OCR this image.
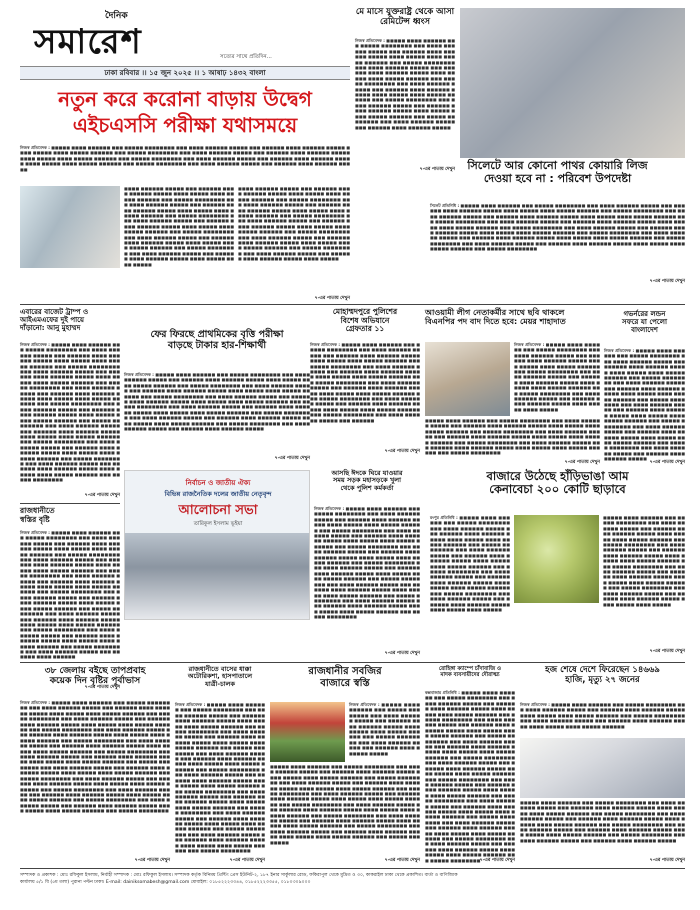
দৈনিক
সমারেশ	সত্যের সাথে প্রতিদিন...
ঢাকা রবিবার ।। ১৫ জুন ২০২৫ ।। ১ আষাঢ় ১৪৩২ বাংলা
নতুন করে করোনা বাড়ায় উদ্বেগ
এইচএসসি পরীক্ষা যথাসময়ে
নিজস্ব প্রতিবেদক : ■■■■■ ■■■■ ■■■■■■ ■■■ ■■■■■ ■■■■■■■■ ■■■ ■■■■ ■■■■■■ ■■■■■ ■■■ ■■■■■■ ■■■■ ■■■■■■ ■■■■■ ■■■■ ■■■■■ ■■■■ ■■■■■ ■■■■■■ ■■■ ■■■■■ ■■■■■■■■ ■■■ ■■■■ ■■■■■■ ■■■■■ ■■■ ■■■■■■ ■■■■ ■■■■■■ ■■■■■ ■■■■ ■■■■■ ■■■■ ■■■■■ ■■■■■■ ■■■ ■■■■■ ■■■■■■■■ ■■■ ■■■■ ■■■■■■ ■■■■■ ■■■ ■■■■■■ ■■■■ ■■■■■■ ■■■■■ ■■■■ ■■■■■ ■■■■ ■■■■■ ■■■■■■ ■■■ ■■■■■ ■■■■■■■■ ■■■ ■■■■ ■■■■■■ ■■■■■ ■■■ ■■■■■■ ■■■■ ■■■■■■ ■■■■■
■■■■ ■■■■■■ ■■■■■ ■■■ ■■■■■■ ■■■■ ■■■■■■ ■■■■■ ■■■■ ■■■■■ ■■■■ ■■■■■ ■■■■■■ ■■■ ■■■■■ ■■■■■■■■ ■■■ ■■■■ ■■■■■■ ■■■■■ ■■■ ■■■■■■ ■■■■ ■■■■■■ ■■■■■ ■■■■ ■■■■■ ■■■■ ■■■■■ ■■■■■■ ■■■ ■■■■■ ■■■■■■■■ ■■■ ■■■■ ■■■■■■ ■■■■■ ■■■ ■■■■■■ ■■■■ ■■■■■■ ■■■■■ ■■■■ ■■■■■ ■■■■ ■■■■■ ■■■■■■ ■■■ ■■■■■ ■■■■■■■■ ■■■ ■■■■ ■■■■■■ ■■■■■ ■■■ ■■■■■■ ■■■■ ■■■■■■ ■■■■■ ■■■■ ■■■■■ ■■■■ ■■■■■ ■■■■■■ ■■■ ■■■■■ ■■■■■■■■ ■■■ ■■■■ ■■■■■■ ■■■■■ ■■■ ■■■■■■ ■■■■ ■■■■■■ ■■■■■ ■■■■ ■■■■■ ■■■■ ■■■■■
■■■■ ■■■■■■ ■■■■■ ■■■ ■■■■■■ ■■■■ ■■■■■■ ■■■■■ ■■■■ ■■■■■ ■■■■ ■■■■■ ■■■■■■ ■■■ ■■■■■ ■■■■■■■■ ■■■ ■■■■ ■■■■■■ ■■■■■ ■■■ ■■■■■■ ■■■■ ■■■■■■ ■■■■■ ■■■■ ■■■■■ ■■■■ ■■■■■ ■■■■■■ ■■■ ■■■■■ ■■■■■■■■ ■■■ ■■■■ ■■■■■■ ■■■■■ ■■■ ■■■■■■ ■■■■ ■■■■■■ ■■■■■ ■■■■ ■■■■■ ■■■■ ■■■■■ ■■■■■■ ■■■ ■■■■■ ■■■■■■■■ ■■■ ■■■■ ■■■■■■ ■■■■■ ■■■ ■■■■■■ ■■■■ ■■■■■■ ■■■■■ ■■■■ ■■■■■ ■■■■ ■■■■■ ■■■■■■ ■■■ ■■■■■ ■■■■■■■■ ■■■ ■■■■ ■■■■■■ ■■■■■ ■■■ ■■■■■■ ■■■■ ■■■■■■ ■■■■■ ■■■■ ■■■■■
৭-এর পাতায় দেখুন
মে মাসে যুক্তরাষ্ট্র থেকে আসা রেমিটেন্স ধ্বংস
নিজস্ব প্রতিবেদক : ■■■■■ ■■■■ ■■■■■■ ■■■ ■■■■■ ■■■■■■■■ ■■■ ■■■■ ■■■■■■ ■■■■■ ■■■ ■■■■■■ ■■■■ ■■■■■■ ■■■■■ ■■■■ ■■■■■ ■■■■ ■■■■■ ■■■■■■ ■■■ ■■■■■ ■■■■■■■■ ■■■ ■■■■ ■■■■■■ ■■■■■ ■■■ ■■■■■■ ■■■■ ■■■■■■ ■■■■■ ■■■■ ■■■■■ ■■■■ ■■■■■ ■■■■■■ ■■■ ■■■■■ ■■■■■■■■ ■■■ ■■■■ ■■■■■■ ■■■■■ ■■■ ■■■■■■ ■■■■ ■■■■■■ ■■■■■ ■■■■ ■■■■■ ■■■■ ■■■■■ ■■■■■■ ■■■ ■■■■■ ■■■■■■■■ ■■■ ■■■■ ■■■■■■ ■■■■■ ■■■ ■■■■■■ ■■■■ ■■■■■■ ■■■■■ ■■■■ ■■■■■ ■■■■ ■■■■■ ■■■■■■ ■■■ ■■■■■ ■■■■■■■■ ■■■ ■■■■ ■■■■■■ ■■■■■ ■■■ ■■■■■■ ■■■■ ■■■■■■ ■■■■■
৭-এর পাতায় দেখুন	সিলেটে আর কোনো পাথর কোয়ারি লিজ
দেওয়া হবে না : পরিবেশ উপদেষ্টা
সিলেট প্রতিনিধি : ■■■■■ ■■■■ ■■■■■■ ■■■ ■■■■■ ■■■■■■■■ ■■■ ■■■■ ■■■■■■ ■■■■■ ■■■ ■■■■■■ ■■■■ ■■■■■■ ■■■■■ ■■■■ ■■■■■ ■■■■ ■■■■■ ■■■■■■ ■■■ ■■■■■ ■■■■■■■■ ■■■ ■■■■ ■■■■■■ ■■■■■ ■■■ ■■■■■■ ■■■■ ■■■■■■ ■■■■■ ■■■■ ■■■■■ ■■■■ ■■■■■ ■■■■■■ ■■■ ■■■■■ ■■■■■■■■ ■■■ ■■■■ ■■■■■■ ■■■■■ ■■■ ■■■■■■ ■■■■ ■■■■■■ ■■■■■ ■■■■ ■■■■■ ■■■■ ■■■■■ ■■■■■■ ■■■ ■■■■■ ■■■■■■■■ ■■■ ■■■■ ■■■■■■ ■■■■■ ■■■ ■■■■■■ ■■■■ ■■■■■■ ■■■■■ ■■■■ ■■■■■ ■■■■ ■■■■■ ■■■■■■ ■■■ ■■■■■ ■■■■■■■■ ■■■ ■■■■ ■■■■■■ ■■■■■ ■■■ ■■■■■■ ■■■■ ■■■■■■ ■■■■■ ■■■■ ■■■■■ ■■■■ ■■■■■ ■■■■■■ ■■■ ■■■■■ ■■■■■■■■ ■■■ ■■■■ ■■■■■■ ■■■■■ ■■■ ■■■■■■ ■■■■ ■■■■■■ ■■■■■ ■■■■ ■■■■■ ■■■■ ■■■■■ ■■■■■■ ■■■ ■■■■■ ■■■■■■■■
৭-এর পাতায় দেখুন
এবারের বাজেট ট্রাম্প ও
আইএমএফের দুই পায়ে
দাঁড়ানো: আনু মুহাম্মদ
নিজস্ব প্রতিবেদক : ■■■■■ ■■■■ ■■■■■■ ■■■ ■■■■■ ■■■■■■■■ ■■■ ■■■■ ■■■■■■ ■■■■■ ■■■ ■■■■■■ ■■■■ ■■■■■■ ■■■■■ ■■■■ ■■■■■ ■■■■ ■■■■■ ■■■■■■ ■■■ ■■■■■ ■■■■■■■■ ■■■ ■■■■ ■■■■■■ ■■■■■ ■■■ ■■■■■■ ■■■■ ■■■■■■ ■■■■■ ■■■■ ■■■■■ ■■■■ ■■■■■ ■■■■■■ ■■■ ■■■■■ ■■■■■■■■ ■■■ ■■■■ ■■■■■■ ■■■■■ ■■■ ■■■■■■ ■■■■ ■■■■■■ ■■■■■ ■■■■ ■■■■■ ■■■■ ■■■■■ ■■■■■■ ■■■ ■■■■■ ■■■■■■■■ ■■■ ■■■■ ■■■■■■ ■■■■■ ■■■ ■■■■■■ ■■■■ ■■■■■■ ■■■■■ ■■■■ ■■■■■ ■■■■ ■■■■■ ■■■■■■ ■■■ ■■■■■ ■■■■■■■■ ■■■ ■■■■ ■■■■■■ ■■■■■ ■■■ ■■■■■■ ■■■■ ■■■■■■ ■■■■■ ■■■■ ■■■■■ ■■■■ ■■■■■ ■■■■■■ ■■■ ■■■■■ ■■■■■■■■ ■■■ ■■■■ ■■■■■■ ■■■■■ ■■■ ■■■■■■ ■■■■ ■■■■■■ ■■■■■ ■■■■ ■■■■■ ■■■■ ■■■■■ ■■■■■■ ■■■ ■■■■■ ■■■■■■■■ ■■■ ■■■■ ■■■■■■ ■■■■■ ■■■ ■■■■■■ ■■■■ ■■■■■■ ■■■■■ ■■■■ ■■■■■ ■■■■ ■■■■■ ■■■■■■ ■■■ ■■■■■ ■■■■■■■■
৭-এর পাতায় দেখুন
রাজধানীতে
স্বস্তির বৃষ্টি
নিজস্ব প্রতিবেদক : ■■■■■ ■■■■ ■■■■■■ ■■■ ■■■■■ ■■■■■■■■ ■■■ ■■■■ ■■■■■■ ■■■■■ ■■■ ■■■■■■ ■■■■ ■■■■■■ ■■■■■ ■■■■ ■■■■■ ■■■■ ■■■■■ ■■■■■■ ■■■ ■■■■■ ■■■■■■■■ ■■■ ■■■■ ■■■■■■ ■■■■■ ■■■ ■■■■■■ ■■■■ ■■■■■■ ■■■■■ ■■■■ ■■■■■ ■■■■ ■■■■■ ■■■■■■ ■■■ ■■■■■ ■■■■■■■■ ■■■ ■■■■ ■■■■■■ ■■■■■ ■■■ ■■■■■■ ■■■■ ■■■■■■ ■■■■■ ■■■■ ■■■■■ ■■■■ ■■■■■ ■■■■■■ ■■■ ■■■■■ ■■■■■■■■ ■■■ ■■■■ ■■■■■■ ■■■■■ ■■■ ■■■■■■ ■■■■ ■■■■■■ ■■■■■ ■■■■ ■■■■■ ■■■■ ■■■■■ ■■■■■■ ■■■ ■■■■■ ■■■■■■■■ ■■■ ■■■■ ■■■■■■ ■■■■■ ■■■ ■■■■■■ ■■■■ ■■■■■■ ■■■■■ ■■■■ ■■■■■ ■■■■ ■■■■■ ■■■■■■ ■■■ ■■■■■ ■■■■■■■■ ■■■ ■■■■ ■■■■■■ ■■■■■ ■■■ ■■■■■■ ■■■■ ■■■■■■ ■■■■■ ■■■■ ■■■■■ ■■■■ ■■■■■ ■■■■■■ ■■■ ■■■■■ ■■■■■■■■ ■■■ ■■■■ ■■■■■■ ■■■■■ ■■■ ■■■■■■ ■■■■ ■■■■■■
৭-এর পাতায় দেখুন
মোহাম্মদপুরে পুলিশের
বিশেষ অভিযানে
গ্রেফতার ১১
নিজস্ব প্রতিবেদক : ■■■■■ ■■■■ ■■■■■■ ■■■ ■■■■■ ■■■■■■■■ ■■■ ■■■■ ■■■■■■ ■■■■■ ■■■ ■■■■■■ ■■■■ ■■■■■■ ■■■■■ ■■■■ ■■■■■ ■■■■ ■■■■■ ■■■■■■ ■■■ ■■■■■ ■■■■■■■■ ■■■ ■■■■ ■■■■■■ ■■■■■ ■■■ ■■■■■■ ■■■■ ■■■■■■ ■■■■■ ■■■■ ■■■■■ ■■■■ ■■■■■ ■■■■■■ ■■■ ■■■■■ ■■■■■■■■ ■■■ ■■■■ ■■■■■■ ■■■■■ ■■■ ■■■■■■ ■■■■ ■■■■■■ ■■■■■ ■■■■ ■■■■■ ■■■■ ■■■■■ ■■■■■■ ■■■ ■■■■■ ■■■■■■■■ ■■■ ■■■■ ■■■■■■ ■■■■■ ■■■ ■■■■■■ ■■■■ ■■■■■■ ■■■■■ ■■■■ ■■■■■ ■■■■ ■■■■■ ■■■■■■ ■■■ ■■■■■ ■■■■■■■■ ■■■ ■■■■ ■■■■■■ ■■■■■ ■■■ ■■■■■■
৭-এর পাতায় দেখুন
ফের ফিরছে প্রাথমিকের বৃত্তি পরীক্ষা
বাড়ছে টাকার হার-শিক্ষার্থী
নিজস্ব প্রতিবেদক : ■■■■■ ■■■■ ■■■■■■ ■■■ ■■■■■ ■■■■■■■■ ■■■ ■■■■ ■■■■■■ ■■■■■ ■■■ ■■■■■■ ■■■■ ■■■■■■ ■■■■■ ■■■■ ■■■■■ ■■■■ ■■■■■ ■■■■■■ ■■■ ■■■■■ ■■■■■■■■ ■■■ ■■■■ ■■■■■■ ■■■■■ ■■■ ■■■■■■ ■■■■ ■■■■■■ ■■■■■ ■■■■ ■■■■■ ■■■■ ■■■■■ ■■■■■■ ■■■ ■■■■■ ■■■■■■■■ ■■■ ■■■■ ■■■■■■ ■■■■■ ■■■ ■■■■■■ ■■■■ ■■■■■■ ■■■■■ ■■■■ ■■■■■ ■■■■ ■■■■■ ■■■■■■ ■■■ ■■■■■ ■■■■■■■■ ■■■ ■■■■ ■■■■■■ ■■■■■ ■■■ ■■■■■■ ■■■■ ■■■■■■ ■■■■■ ■■■■ ■■■■■ ■■■■ ■■■■■ ■■■■■■ ■■■ ■■■■■ ■■■■■■■■ ■■■ ■■■■ ■■■■■■ ■■■■■ ■■■ ■■■■■■ ■■■■ ■■■■■■ ■■■■■ ■■■■ ■■■■■ ■■■■ ■■■■■ ■■■■■■ ■■■ ■■■■■ ■■■■■■■■ ■■■ ■■■■ ■■■■■■ ■■■■■ ■■■ ■■■■■■ ■■■■ ■■■■■■ ■■■■■
৭-এর পাতায় দেখুন
আওয়ামী লীগ নেতাকর্মীর সাথে ছবি থাকলে
বিএনপির পদ বাদ দিতে হবে: মেয়র শাহাদাত
নিজস্ব প্রতিবেদক : ■■■■■ ■■■■ ■■■■■■ ■■■ ■■■■■ ■■■■■■■■ ■■■ ■■■■ ■■■■■■ ■■■■■ ■■■ ■■■■■■ ■■■■ ■■■■■■ ■■■■■ ■■■■ ■■■■■ ■■■■ ■■■■■ ■■■■■■ ■■■ ■■■■■ ■■■■■■■■ ■■■ ■■■■ ■■■■■■ ■■■■■ ■■■ ■■■■■■ ■■■■ ■■■■■■ ■■■■■ ■■■■ ■■■■■ ■■■■ ■■■■■ ■■■■■■ ■■■ ■■■■■ ■■■■■■■■ ■■■ ■■■■ ■■■■■■ ■■■■■ ■■■ ■■■■■■ ■■■■ ■■■■■■ ■■■■■ ■■■■ ■■■■■ ■■■■ ■■■■■
■■■■■ ■■■■ ■■■■■■ ■■■ ■■■■■ ■■■■■■■■ ■■■ ■■■■ ■■■■■■ ■■■■■ ■■■ ■■■■■■ ■■■■ ■■■■■■ ■■■■■ ■■■■ ■■■■■ ■■■■ ■■■■■ ■■■■■■ ■■■ ■■■■■ ■■■■■■■■ ■■■ ■■■■ ■■■■■■ ■■■■■ ■■■ ■■■■■■ ■■■■ ■■■■■■ ■■■■■ ■■■■ ■■■■■ ■■■■ ■■■■■ ■■■■■■ ■■■ ■■■■■ ■■■■■■■■ ■■■ ■■■■ ■■■■■■ ■■■■■ ■■■ ■■■■■■ ■■■■ ■■■■■■ ■■■■■ ■■■■ ■■■■■ ■■■■ ■■■■■ ■■■■■■ ■■■ ■■■■■ ■■■■■■■■
৭-এর পাতায় দেখুন
গভর্নরের লন্ডন
সফরে যা পেলো
বাংলাদেশ
নিজস্ব প্রতিবেদক : ■■■■■ ■■■■ ■■■■■■ ■■■ ■■■■■ ■■■■■■■■ ■■■ ■■■■ ■■■■■■ ■■■■■ ■■■ ■■■■■■ ■■■■ ■■■■■■ ■■■■■ ■■■■ ■■■■■ ■■■■ ■■■■■ ■■■■■■ ■■■ ■■■■■ ■■■■■■■■ ■■■ ■■■■ ■■■■■■ ■■■■■ ■■■ ■■■■■■ ■■■■ ■■■■■■ ■■■■■ ■■■■ ■■■■■ ■■■■ ■■■■■ ■■■■■■ ■■■ ■■■■■ ■■■■■■■■ ■■■ ■■■■ ■■■■■■ ■■■■■ ■■■ ■■■■■■ ■■■■ ■■■■■■ ■■■■■ ■■■■ ■■■■■ ■■■■ ■■■■■ ■■■■■■ ■■■ ■■■■■ ■■■■■■■■ ■■■ ■■■■ ■■■■■■ ■■■■■ ■■■ ■■■■■■ ■■■■ ■■■■■■ ■■■■■ ■■■■ ■■■■■ ■■■■ ■■■■■ ■■■■■■ ■■■ ■■■■■ ■■■■■■■■ ■■■ ■■■■ ■■■■■■ ■■■■■ ■■■ ■■■■■■ ■■■■ ■■■■■■ ■■■■■
৭-এর পাতায় দেখুন
নির্বাচন ও জাতীয় ঐক্য
বিভিন্ন রাজনৈতিক দলের জাতীয় নেতৃবৃন্দ
আলোচনা সভা
তারিকুল ইসলাম ভূইয়া
আসছি ঈদকে ঘিরে যাওয়ার
সময় সড়ক মহাসড়কে খুলা
থেকে পুলিশ কর্মকর্তা
নিজস্ব প্রতিবেদক : ■■■■■ ■■■■ ■■■■■■ ■■■ ■■■■■ ■■■■■■■■ ■■■ ■■■■ ■■■■■■ ■■■■■ ■■■ ■■■■■■ ■■■■ ■■■■■■ ■■■■■ ■■■■ ■■■■■ ■■■■ ■■■■■ ■■■■■■ ■■■ ■■■■■ ■■■■■■■■ ■■■ ■■■■ ■■■■■■ ■■■■■ ■■■ ■■■■■■ ■■■■ ■■■■■■ ■■■■■ ■■■■ ■■■■■ ■■■■ ■■■■■ ■■■■■■ ■■■ ■■■■■ ■■■■■■■■ ■■■ ■■■■ ■■■■■■ ■■■■■ ■■■ ■■■■■■ ■■■■ ■■■■■■ ■■■■■ ■■■■ ■■■■■ ■■■■ ■■■■■ ■■■■■■ ■■■ ■■■■■ ■■■■■■■■ ■■■ ■■■■ ■■■■■■ ■■■■■ ■■■ ■■■■■■ ■■■■ ■■■■■■ ■■■■■ ■■■■ ■■■■■ ■■■■ ■■■■■ ■■■■■■ ■■■ ■■■■■ ■■■■■■■■ ■■■ ■■■■ ■■■■■■ ■■■■■ ■■■ ■■■■■■ ■■■■ ■■■■■■ ■■■■■ ■■■■ ■■■■■ ■■■■ ■■■■■ ■■■■■■ ■■■ ■■■■■ ■■■■■■■■ ■■■ ■■■■ ■■■■■■ ■■■■■ ■■■ ■■■■■■ ■■■■ ■■■■■■ ■■■■■ ■■■■ ■■■■■ ■■■■ ■■■■■ ■■■■■■ ■■■ ■■■■■ ■■■■■■■■
৭-এর পাতায় দেখুন
বাজারে উঠেছে হাঁড়িভাঙা আম
কেনাবেচা ২০০ কোটি ছাড়াবে
রংপুর প্রতিনিধি : ■■■■■ ■■■■ ■■■■■■ ■■■ ■■■■■ ■■■■■■■■ ■■■ ■■■■ ■■■■■■ ■■■■■ ■■■ ■■■■■■ ■■■■ ■■■■■■ ■■■■■ ■■■■ ■■■■■ ■■■■ ■■■■■ ■■■■■■ ■■■ ■■■■■ ■■■■■■■■ ■■■ ■■■■ ■■■■■■ ■■■■■ ■■■ ■■■■■■ ■■■■ ■■■■■■ ■■■■■ ■■■■ ■■■■■ ■■■■ ■■■■■ ■■■■■■ ■■■ ■■■■■ ■■■■■■■■ ■■■ ■■■■ ■■■■■■ ■■■■■ ■■■ ■■■■■■ ■■■■ ■■■■■■ ■■■■■ ■■■■ ■■■■■ ■■■■ ■■■■■ ■■■■■■ ■■■ ■■■■■ ■■■■■■■■ ■■■ ■■■■ ■■■■■■ ■■■■■ ■■■ ■■■■■■ ■■■■ ■■■■■■ ■■■■■ ■■■■ ■■■■■ ■■■■ ■■■■■
■■■■■ ■■■■ ■■■■■■ ■■■ ■■■■■ ■■■■■■■■ ■■■ ■■■■ ■■■■■■ ■■■■■ ■■■ ■■■■■■ ■■■■ ■■■■■■ ■■■■■ ■■■■ ■■■■■ ■■■■ ■■■■■ ■■■■■■ ■■■ ■■■■■ ■■■■■■■■ ■■■ ■■■■ ■■■■■■ ■■■■■ ■■■ ■■■■■■ ■■■■ ■■■■■■ ■■■■■ ■■■■ ■■■■■ ■■■■ ■■■■■ ■■■■■■ ■■■ ■■■■■ ■■■■■■■■ ■■■ ■■■■ ■■■■■■ ■■■■■ ■■■ ■■■■■■ ■■■■ ■■■■■■ ■■■■■ ■■■■ ■■■■■ ■■■■ ■■■■■ ■■■■■■ ■■■ ■■■■■ ■■■■■■■■ ■■■ ■■■■ ■■■■■■ ■■■■■ ■■■ ■■■■■■ ■■■■ ■■■■■■ ■■■■■ ■■■■ ■■■■■ ■■■■ ■■■■■
৭-এর পাতায় দেখুন
৩৮ জেলায় বইছে তাপপ্রবাহ
কয়েক দিন বৃষ্টির পূর্বাভাস
নিজস্ব প্রতিবেদক : ■■■■■ ■■■■ ■■■■■■ ■■■ ■■■■■ ■■■■■■■■ ■■■ ■■■■ ■■■■■■ ■■■■■ ■■■ ■■■■■■ ■■■■ ■■■■■■ ■■■■■ ■■■■ ■■■■■ ■■■■ ■■■■■ ■■■■■■ ■■■ ■■■■■ ■■■■■■■■ ■■■ ■■■■ ■■■■■■ ■■■■■ ■■■ ■■■■■■ ■■■■ ■■■■■■ ■■■■■ ■■■■ ■■■■■ ■■■■ ■■■■■ ■■■■■■ ■■■ ■■■■■ ■■■■■■■■ ■■■ ■■■■ ■■■■■■ ■■■■■ ■■■ ■■■■■■ ■■■■ ■■■■■■ ■■■■■ ■■■■ ■■■■■ ■■■■ ■■■■■ ■■■■■■ ■■■ ■■■■■ ■■■■■■■■ ■■■ ■■■■ ■■■■■■ ■■■■■ ■■■ ■■■■■■ ■■■■ ■■■■■■ ■■■■■ ■■■■ ■■■■■ ■■■■ ■■■■■ ■■■■■■ ■■■ ■■■■■ ■■■■■■■■ ■■■ ■■■■ ■■■■■■ ■■■■■ ■■■ ■■■■■■ ■■■■ ■■■■■■ ■■■■■ ■■■■ ■■■■■ ■■■■ ■■■■■ ■■■■■■ ■■■ ■■■■■ ■■■■■■■■ ■■■ ■■■■ ■■■■■■ ■■■■■ ■■■ ■■■■■■ ■■■■ ■■■■■■ ■■■■■ ■■■■ ■■■■■ ■■■■ ■■■■■ ■■■■■■ ■■■ ■■■■■ ■■■■■■■■ ■■■ ■■■■ ■■■■■■ ■■■■■ ■■■ ■■■■■■ ■■■■ ■■■■■■ ■■■■■ ■■■■ ■■■■■ ■■■■ ■■■■■ ■■■■■■ ■■■ ■■■■■ ■■■■■■■■ ■■■ ■■■■ ■■■■■■ ■■■■■ ■■■ ■■■■■■ ■■■■ ■■■■■■ ■■■■■ ■■■■ ■■■■■ ■■■■ ■■■■■ ■■■■■■ ■■■ ■■■■■ ■■■■■■■■ ■■■ ■■■■ ■■■■■■ ■■■■■ ■■■ ■■■■■■ ■■■■ ■■■■■■ ■■■■■ ■■■■ ■■■■■ ■■■■ ■■■■■ ■■■■■■ ■■■ ■■■■■ ■■■■■■■■
৭-এর পাতায় দেখুন
রাজধানীতে বাসের ধাক্কা
অটোরিকশা, হাসপাতালে
যাত্রী-চালক
নিজস্ব প্রতিবেদক : ■■■■■ ■■■■ ■■■■■■ ■■■ ■■■■■ ■■■■■■■■ ■■■ ■■■■ ■■■■■■ ■■■■■ ■■■ ■■■■■■ ■■■■ ■■■■■■ ■■■■■ ■■■■ ■■■■■ ■■■■ ■■■■■ ■■■■■■ ■■■ ■■■■■ ■■■■■■■■ ■■■ ■■■■ ■■■■■■ ■■■■■ ■■■ ■■■■■■ ■■■■ ■■■■■■ ■■■■■ ■■■■ ■■■■■ ■■■■ ■■■■■ ■■■■■■ ■■■ ■■■■■ ■■■■■■■■ ■■■ ■■■■ ■■■■■■ ■■■■■ ■■■ ■■■■■■ ■■■■ ■■■■■■ ■■■■■ ■■■■ ■■■■■ ■■■■ ■■■■■ ■■■■■■ ■■■ ■■■■■ ■■■■■■■■ ■■■ ■■■■ ■■■■■■ ■■■■■ ■■■ ■■■■■■ ■■■■ ■■■■■■ ■■■■■ ■■■■ ■■■■■ ■■■■ ■■■■■ ■■■■■■ ■■■ ■■■■■ ■■■■■■■■ ■■■ ■■■■ ■■■■■■ ■■■■■ ■■■ ■■■■■■ ■■■■ ■■■■■■ ■■■■■ ■■■■ ■■■■■ ■■■■ ■■■■■ ■■■■■■ ■■■ ■■■■■ ■■■■■■■■ ■■■ ■■■■ ■■■■■■ ■■■■■ ■■■ ■■■■■■ ■■■■ ■■■■■■ ■■■■■ ■■■■ ■■■■■ ■■■■ ■■■■■ ■■■■■■ ■■■ ■■■■■ ■■■■■■■■ ■■■ ■■■■ ■■■■■■ ■■■■■ ■■■ ■■■■■■ ■■■■ ■■■■■■ ■■■■■ ■■■■ ■■■■■ ■■■■ ■■■■■ ■■■■■■ ■■■ ■■■■■ ■■■■■■■■
৭-এর পাতায় দেখুন
রাজধানীর সবজির
বাজারে স্বস্তি
নিজস্ব প্রতিবেদক : ■■■■■ ■■■■ ■■■■■■ ■■■ ■■■■■ ■■■■■■■■ ■■■ ■■■■ ■■■■■■ ■■■■■ ■■■ ■■■■■■ ■■■■ ■■■■■■ ■■■■■ ■■■■ ■■■■■ ■■■■ ■■■■■ ■■■■■■ ■■■ ■■■■■ ■■■■■■■■ ■■■ ■■■■ ■■■■■■ ■■■■■ ■■■ ■■■■■■ ■■■■ ■■■■■■ ■■■■■
■■■■■ ■■■■ ■■■■■■ ■■■ ■■■■■ ■■■■■■■■ ■■■ ■■■■ ■■■■■■ ■■■■■ ■■■ ■■■■■■ ■■■■ ■■■■■■ ■■■■■ ■■■■ ■■■■■ ■■■■ ■■■■■ ■■■■■■ ■■■ ■■■■■ ■■■■■■■■ ■■■ ■■■■ ■■■■■■ ■■■■■ ■■■ ■■■■■■ ■■■■ ■■■■■■ ■■■■■ ■■■■ ■■■■■ ■■■■ ■■■■■ ■■■■■■ ■■■ ■■■■■ ■■■■■■■■ ■■■ ■■■■ ■■■■■■ ■■■■■ ■■■ ■■■■■■ ■■■■ ■■■■■■ ■■■■■ ■■■■ ■■■■■ ■■■■ ■■■■■ ■■■■■■ ■■■ ■■■■■ ■■■■■■■■ ■■■ ■■■■ ■■■■■■ ■■■■■ ■■■ ■■■■■■ ■■■■ ■■■■■■ ■■■■■ ■■■■ ■■■■■ ■■■■ ■■■■■ ■■■■■■ ■■■ ■■■■■ ■■■■■■■■ ■■■ ■■■■ ■■■■■■ ■■■■■ ■■■ ■■■■■■ ■■■■ ■■■■■■ ■■■■■ ■■■■ ■■■■■ ■■■■ ■■■■■ ■■■■■■ ■■■ ■■■■■ ■■■■■■■■ ■■■ ■■■■ ■■■■■■ ■■■■■ ■■■ ■■■■■■ ■■■■ ■■■■■■ ■■■■■ ■■■■ ■■■■■ ■■■■ ■■■■■ ■■■■■■ ■■■ ■■■■■ ■■■■■■■■
৭-এর পাতায় দেখুন
রোহিঙ্গা ক্যাম্পে চাঁদাবাজি ও
মাদক ব্যবসায়ীদের দৌরাত্ম্য
কক্সবাজার প্রতিনিধি : ■■■■■ ■■■■ ■■■■■■ ■■■ ■■■■■ ■■■■■■■■ ■■■ ■■■■ ■■■■■■ ■■■■■ ■■■ ■■■■■■ ■■■■ ■■■■■■ ■■■■■ ■■■■ ■■■■■ ■■■■ ■■■■■ ■■■■■■ ■■■ ■■■■■ ■■■■■■■■ ■■■ ■■■■ ■■■■■■ ■■■■■ ■■■ ■■■■■■ ■■■■ ■■■■■■ ■■■■■ ■■■■ ■■■■■ ■■■■ ■■■■■ ■■■■■■ ■■■ ■■■■■ ■■■■■■■■ ■■■ ■■■■ ■■■■■■ ■■■■■ ■■■ ■■■■■■ ■■■■ ■■■■■■ ■■■■■ ■■■■ ■■■■■ ■■■■ ■■■■■ ■■■■■■ ■■■ ■■■■■ ■■■■■■■■ ■■■ ■■■■ ■■■■■■ ■■■■■ ■■■ ■■■■■■ ■■■■ ■■■■■■ ■■■■■ ■■■■ ■■■■■ ■■■■ ■■■■■ ■■■■■■ ■■■ ■■■■■ ■■■■■■■■ ■■■ ■■■■ ■■■■■■ ■■■■■ ■■■ ■■■■■■ ■■■■ ■■■■■■ ■■■■■ ■■■■ ■■■■■ ■■■■ ■■■■■ ■■■■■■ ■■■ ■■■■■ ■■■■■■■■ ■■■ ■■■■ ■■■■■■ ■■■■■ ■■■ ■■■■■■ ■■■■ ■■■■■■ ■■■■■ ■■■■ ■■■■■ ■■■■ ■■■■■ ■■■■■■ ■■■ ■■■■■ ■■■■■■■■ ■■■ ■■■■ ■■■■■■ ■■■■■ ■■■ ■■■■■■ ■■■■ ■■■■■■ ■■■■■ ■■■■ ■■■■■ ■■■■ ■■■■■ ■■■■■■ ■■■ ■■■■■ ■■■■■■■■ ■■■ ■■■■ ■■■■■■ ■■■■■ ■■■ ■■■■■■ ■■■■ ■■■■■■ ■■■■■ ■■■■ ■■■■■ ■■■■ ■■■■■ ■■■■■■ ■■■ ■■■■■ ■■■■■■■■ ৭-এর পাতায় দেখুন
হজ শেষে দেশে ফিরেছেন ১৪৬৬৯
হাজি, মৃত্যু ২৭ জনের
নিজস্ব প্রতিবেদক : ■■■■■ ■■■■ ■■■■■■ ■■■ ■■■■■ ■■■■■■■■ ■■■ ■■■■ ■■■■■■ ■■■■■ ■■■ ■■■■■■ ■■■■ ■■■■■■ ■■■■■ ■■■■ ■■■■■ ■■■■ ■■■■■ ■■■■■■ ■■■ ■■■■■ ■■■■■■■■ ■■■ ■■■■ ■■■■■■ ■■■■■ ■■■ ■■■■■■ ■■■■ ■■■■■■ ■■■■■ ■■■■ ■■■■■ ■■■■ ■■■■■ ■■■■■■
■■■■■ ■■■■ ■■■■■■ ■■■ ■■■■■ ■■■■■■■■ ■■■ ■■■■ ■■■■■■ ■■■■■ ■■■ ■■■■■■ ■■■■ ■■■■■■ ■■■■■ ■■■■ ■■■■■ ■■■■ ■■■■■ ■■■■■■ ■■■ ■■■■■ ■■■■■■■■ ■■■ ■■■■ ■■■■■■ ■■■■■ ■■■ ■■■■■■ ■■■■ ■■■■■■ ■■■■■ ■■■■ ■■■■■ ■■■■ ■■■■■ ■■■■■■ ■■■ ■■■■■ ■■■■■■■■ ■■■ ■■■■ ■■■■■■ ■■■■■ ■■■ ■■■■■■ ■■■■ ■■■■■■ ■■■■■ ■■■■ ■■■■■ ■■■■ ■■■■■ ■■■■■■ ■■■ ■■■■■ ■■■■■■■■ ■■■ ■■■■ ■■■■■■ ■■■■■ ■■■ ■■■■■■ ■■■■ ■■■■■■ ■■■■■
৭-এর পাতায় দেখুন
সম্পাদক ও প্রকাশক : মোঃ রফিকুল ইসলাম, নির্বাহী সম্পাদক : মোঃ রফিকুল ইসলাম। সম্পাদক কর্তৃক বিনিময় প্রিন্টিং প্রেস ইউনিট-২, ১৮৭ ইনার সার্কুলার রোড, ফকিরাপুল থেকে মুদ্রিত ও ৩০, কাকরাইল ঢাকা থেকে প্রকাশিত। বার্তা ও বাণিজ্যিক
কার্যালয় ৫/১ বি (৫ম তলা) পুরানা পল্টন ঢাকা। E-mail: dainiksomabesh@gmail.com মোবাইল: ০১৮৫২২২৩৩৪৪, ০১৮৫২২২৩৩৫৫, ০১৮০৩০৯০০০
